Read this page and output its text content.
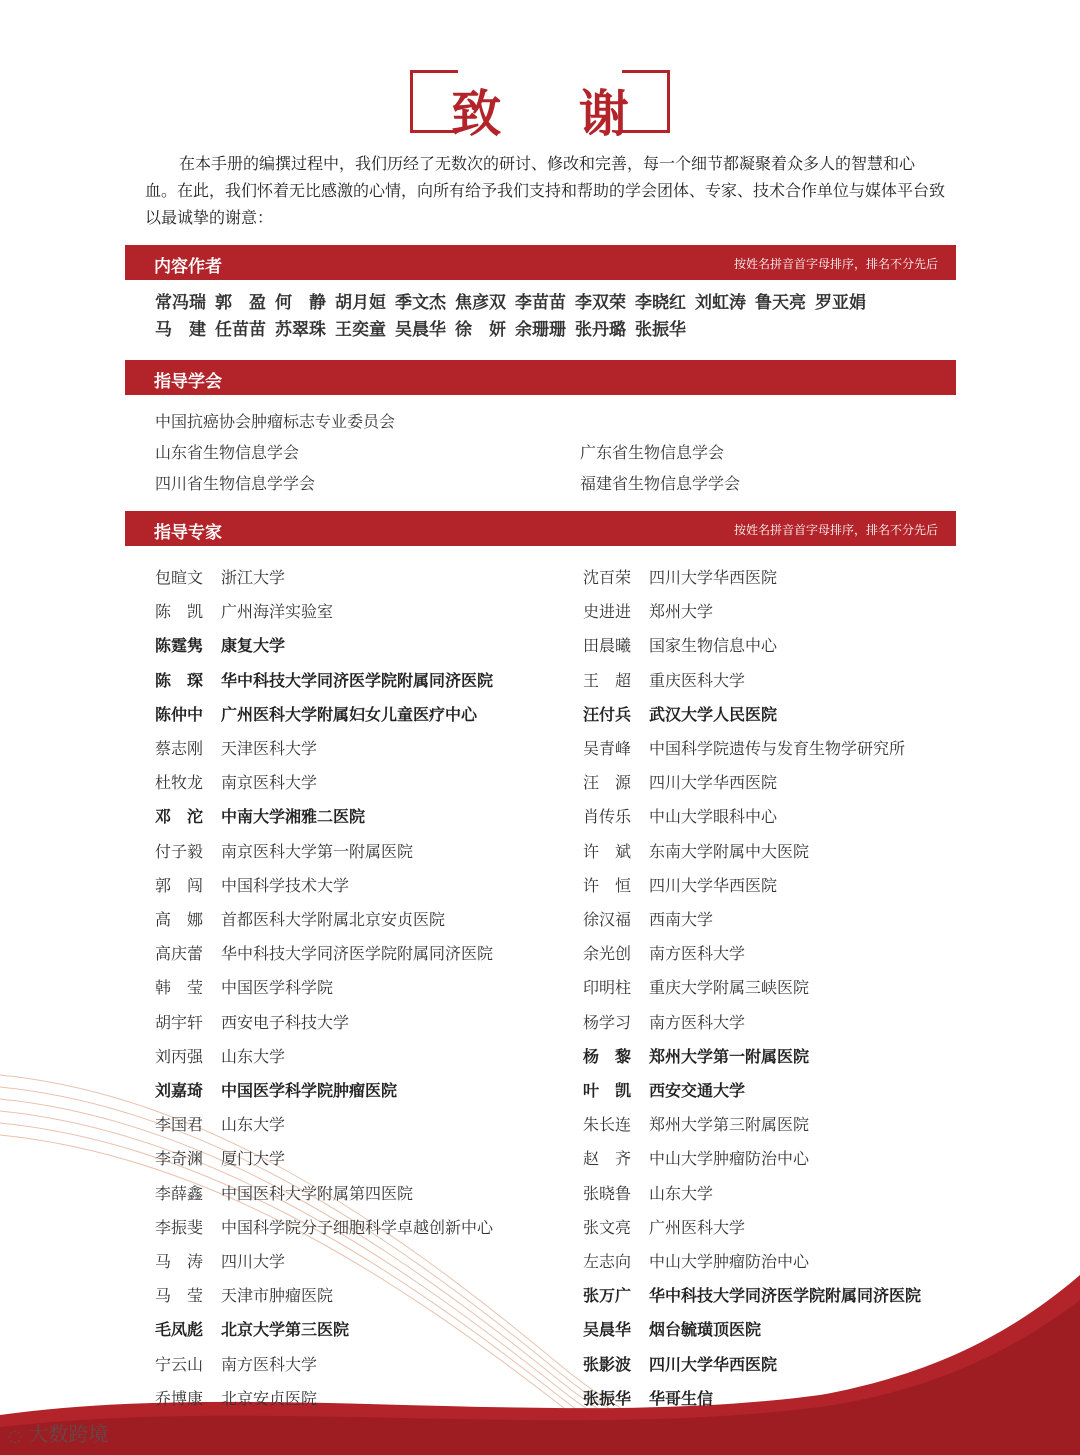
致 谢

在本手册的编撰过程中，我们历经了无数次的研讨、修改和完善，每一个细节都凝聚着众多人的智慧和心血。在此，我们怀着无比感激的心情，向所有给予我们支持和帮助的学会团体、专家、技术合作单位与媒体平台致以最诚挚的谢意：

内容作者	按姓名拼音首字母排序，排名不分先后
常冯瑞 郭　盈 何　静 胡月姮 季文杰 焦彦双 李苗苗 李双荣 李晓红 刘虹涛 鲁天亮 罗亚娟
马　建 任苗苗 苏翠珠 王奕童 吴晨华 徐　妍 余珊珊 张丹璐 张振华
指导学会
中国抗癌协会肿瘤标志专业委员会
山东省生物信息学会	广东省生物信息学会
四川省生物信息学学会	福建省生物信息学学会
指导专家	按姓名拼音首字母排序，排名不分先后
包暄文 浙江大学
陈　凯 广州海洋实验室
陈霆隽 康复大学
陈　琛 华中科技大学同济医学院附属同济医院
陈仲中 广州医科大学附属妇女儿童医疗中心
蔡志刚 天津医科大学
杜牧龙 南京医科大学
邓　沱 中南大学湘雅二医院
付子毅 南京医科大学第一附属医院
郭　闯 中国科学技术大学
高　娜 首都医科大学附属北京安贞医院
高庆蕾 华中科技大学同济医学院附属同济医院
韩　莹 中国医学科学院
胡宇轩 西安电子科技大学
刘丙强 山东大学
刘嘉琦 中国医学科学院肿瘤医院
李国君 山东大学
李奇渊 厦门大学
李薛鑫 中国医科大学附属第四医院
李振斐 中国科学院分子细胞科学卓越创新中心
马　涛 四川大学
马　莹 天津市肿瘤医院
毛凤彪 北京大学第三医院
宁云山 南方医科大学
乔博康 北京安贞医院
沈百荣 四川大学华西医院
史进进 郑州大学
田晨曦 国家生物信息中心
王　超 重庆医科大学
汪付兵 武汉大学人民医院
吴青峰 中国科学院遗传与发育生物学研究所
汪　源 四川大学华西医院
肖传乐 中山大学眼科中心
许　斌 东南大学附属中大医院
许　恒 四川大学华西医院
徐汉福 西南大学
余光创 南方医科大学
印明柱 重庆大学附属三峡医院
杨学习 南方医科大学
杨　黎 郑州大学第一附属医院
叶　凯 西安交通大学
朱长连 郑州大学第三附属医院
赵　齐 中山大学肿瘤防治中心
张晓鲁 山东大学
张文亮 广州医科大学
左志向 中山大学肿瘤防治中心
张万广 华中科技大学同济医学院附属同济医院
吴晨华 烟台毓璜顶医院
张影波 四川大学华西医院
张振华 华哥生信
◌ 大数跨境
